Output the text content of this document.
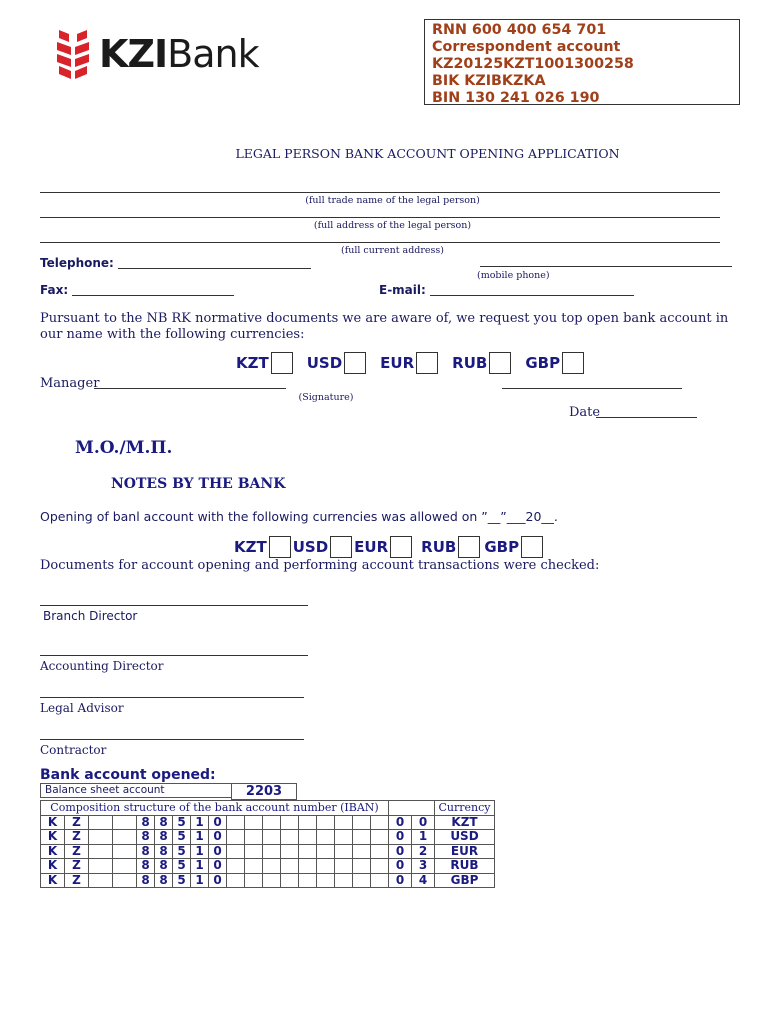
KZIBank
RNN 600 400 654 701
Correspondent account
KZ20125KZT1001300258
BIK KZIBKZKA
BIN 130 241 026 190
LEGAL PERSON BANK ACCOUNT OPENING APPLICATION
(full trade name of the legal person)
(full address of the legal person)
(full current address)
Telephone:
(mobile phone)
Fax:	E-mail:
Pursuant to the NB RK normative documents we are aware of, we request you top open bank account in our name with the following currencies:
KZT	USD	EUR	RUB	GBP
Manager
(Signature)
Date
M.O./M.П.
NOTES BY THE BANK
Opening of banl account with the following currencies was allowed on ”__”___20__.
KZT USD EUR RUB GBP
Documents for account opening and performing account transactions were checked:
Branch Director
Accounting Director
Legal Advisor
Contractor
Bank account opened:
Balance sheet account	2203
Composition structure of the bank account number (IBAN)																				Currency
K	Z			8	8	5	1	0										0	0	KZT
K	Z			8	8	5	1	0										0	1	USD
K	Z			8	8	5	1	0										0	2	EUR
K	Z			8	8	5	1	0										0	3	RUB
K	Z			8	8	5	1	0										0	4	GBP
